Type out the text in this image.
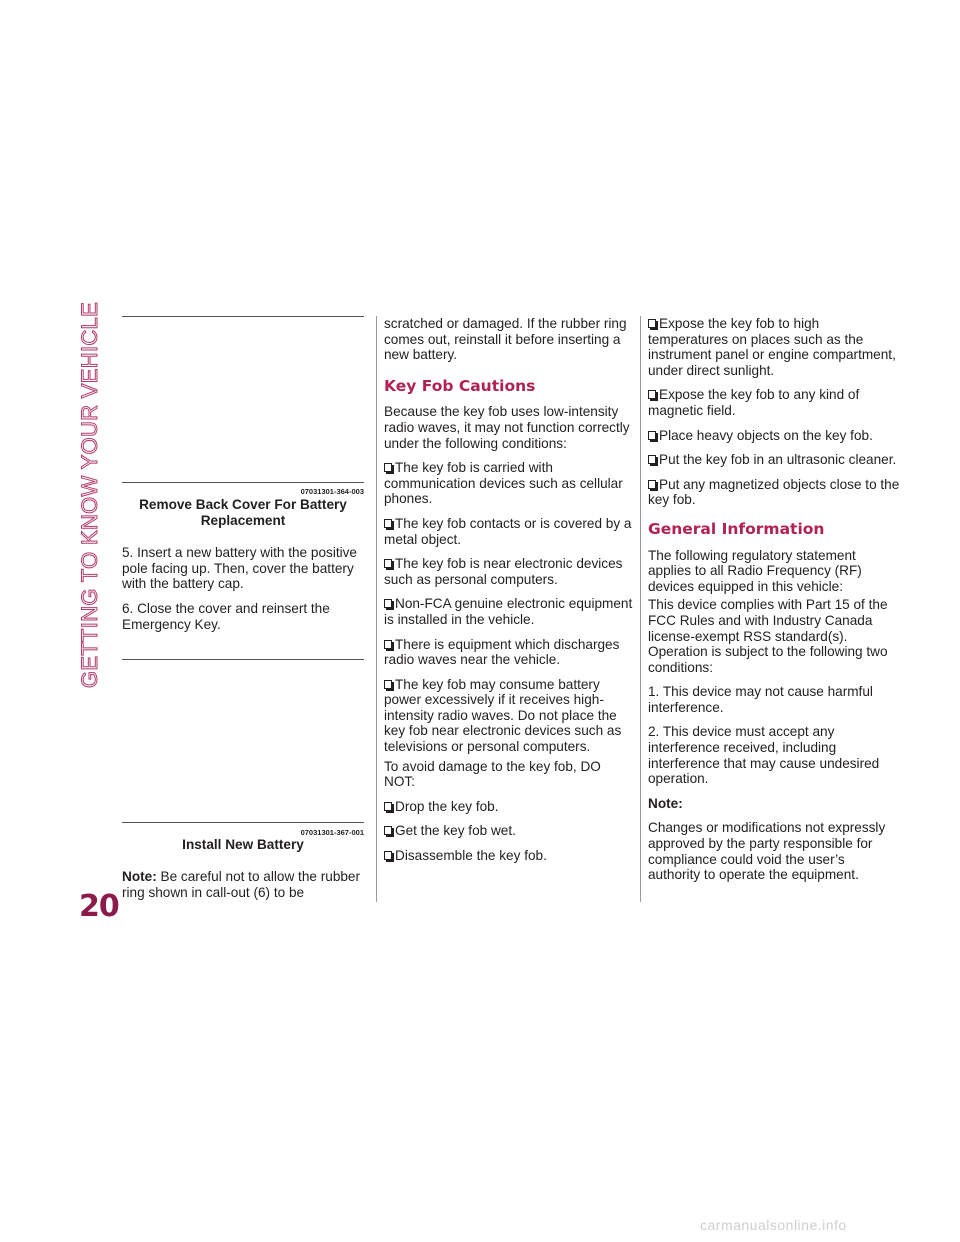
GETTING TO KNOW YOUR VEHICLE
20
07031301-364-003
Remove Back Cover For Battery
Replacement
5. Insert a new battery with the positive pole facing up. Then, cover the battery with the battery cap.
6. Close the cover and reinsert the Emergency Key.
07031301-367-001
Install New Battery
Note: Be careful not to allow the rubber ring shown in call-out (6) to be

scratched or damaged. If the rubber ring comes out, reinstall it before inserting a new battery.

Key Fob Cautions

Because the key fob uses low-intensity radio waves, it may not function correctly under the following conditions:

The key fob is carried with communication devices such as cellular phones.
The key fob contacts or is covered by a metal object.
The key fob is near electronic devices such as personal computers.
Non-FCA genuine electronic equipment is installed in the vehicle.
There is equipment which discharges radio waves near the vehicle.
The key fob may consume battery power excessively if it receives high-intensity radio waves. Do not place the key fob near electronic devices such as televisions or personal computers.

To avoid damage to the key fob, DO NOT:

Drop the key fob.
Get the key fob wet.
Disassemble the key fob.
Expose the key fob to high temperatures on places such as the instrument panel or engine compartment, under direct sunlight.
Expose the key fob to any kind of magnetic field.
Place heavy objects on the key fob.
Put the key fob in an ultrasonic cleaner.
Put any magnetized objects close to the key fob.
General Information

The following regulatory statement applies to all Radio Frequency (RF) devices equipped in this vehicle:

This device complies with Part 15 of the FCC Rules and with Industry Canada license-exempt RSS standard(s). Operation is subject to the following two conditions:

1. This device may not cause harmful interference.

2. This device must accept any interference received, including interference that may cause undesired operation.

Note:

Changes or modifications not expressly approved by the party responsible for compliance could void the user’s authority to operate the equipment.

carmanualsonline.info
